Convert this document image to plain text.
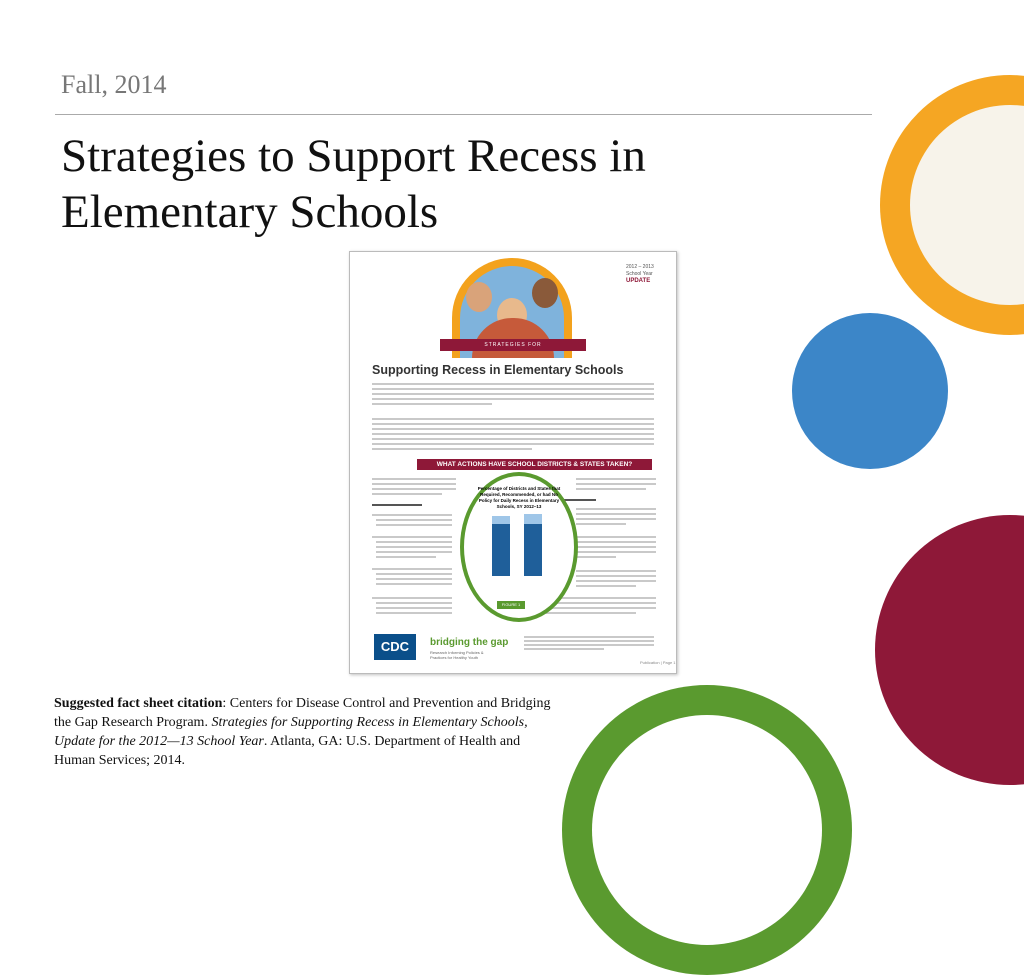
Fall, 2014
Strategies to Support Recess in Elementary Schools
STRATEGIES FOR
2012 – 2013
School Year
UPDATE
Supporting Recess in Elementary Schools
WHAT ACTIONS HAVE SCHOOL DISTRICTS & STATES TAKEN?
Percentage of Districts and States that Required, Recommended, or had No Policy for Daily Recess in Elementary Schools, SY 2012–13
FIGURE 1
CDC	bridging the gap
Research Informing Policies & Practices for Healthy Youth
Publication | Page 1

Suggested fact sheet citation: Centers for Disease Control and Prevention and Bridging the Gap Research Program. Strategies for Supporting Recess in Elementary Schools, Update for the 2012—13 School Year. Atlanta, GA: U.S. Department of Health and Human Services; 2014.
